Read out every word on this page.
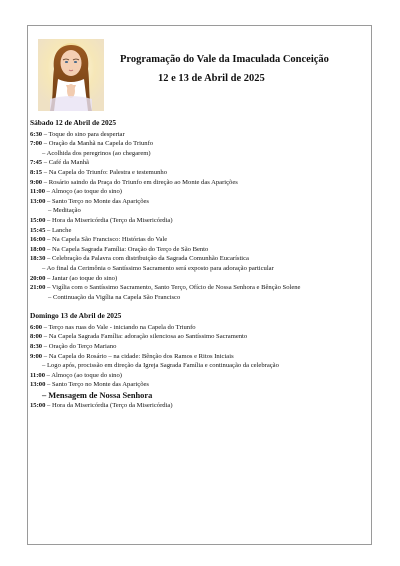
Programação do Vale da Imaculada Conceição
12 e 13 de Abril de 2025
Sábado 12 de Abril de 2025
6:30 – Toque do sino para despertar
7:00 – Oração da Manhã na Capela do Triunfo
– Acolhida dos peregrinos (ao chegarem)
7:45 – Café da Manhã
8:15 – Na Capela do Triunfo: Palestra e testemunho
9:00 – Rosário saindo da Praça do Triunfo em direção ao Monte das Aparições
11:00 – Almoço (ao toque do sino)
13:00 – Santo Terço no Monte das Aparições
– Meditação
15:00 – Hora da Misericórdia (Terço da Misericórdia)
15:45 – Lanche
16:00 – Na Capela São Francisco: Histórias do Vale
18:00 – Na Capela Sagrada Família: Oração do Terço de São Bento
18:30 – Celebração da Palavra com distribuição da Sagrada Comunhão Eucarística
– Ao final da Cerimônia o Santíssimo Sacramento será exposto para adoração particular
20:00 – Jantar (ao toque do sino)
21:00 – Vigília com o Santíssimo Sacramento, Santo Terço, Ofício de Nossa Senhora e Bênção Solene
– Continuação da Vigília na Capela São Francisco
Domingo 13 de Abril de 2025
6:00 – Terço nas ruas do Vale - iniciando na Capela do Triunfo
8:00 – Na Capela Sagrada Família: adoração silenciosa ao Santíssimo Sacramento
8:30 – Oração do Terço Mariano
9:00 – Na Capela do Rosário – na cidade: Bênção dos Ramos e Ritos Iniciais
– Logo após, procissão em direção da Igreja Sagrada Família e continuação da celebração
11:00 – Almoço (ao toque do sino)
13:00 – Santo Terço no Monte das Aparições
– Mensagem de Nossa Senhora
15:00 – Hora da Misericórdia (Terço da Misericórdia)
